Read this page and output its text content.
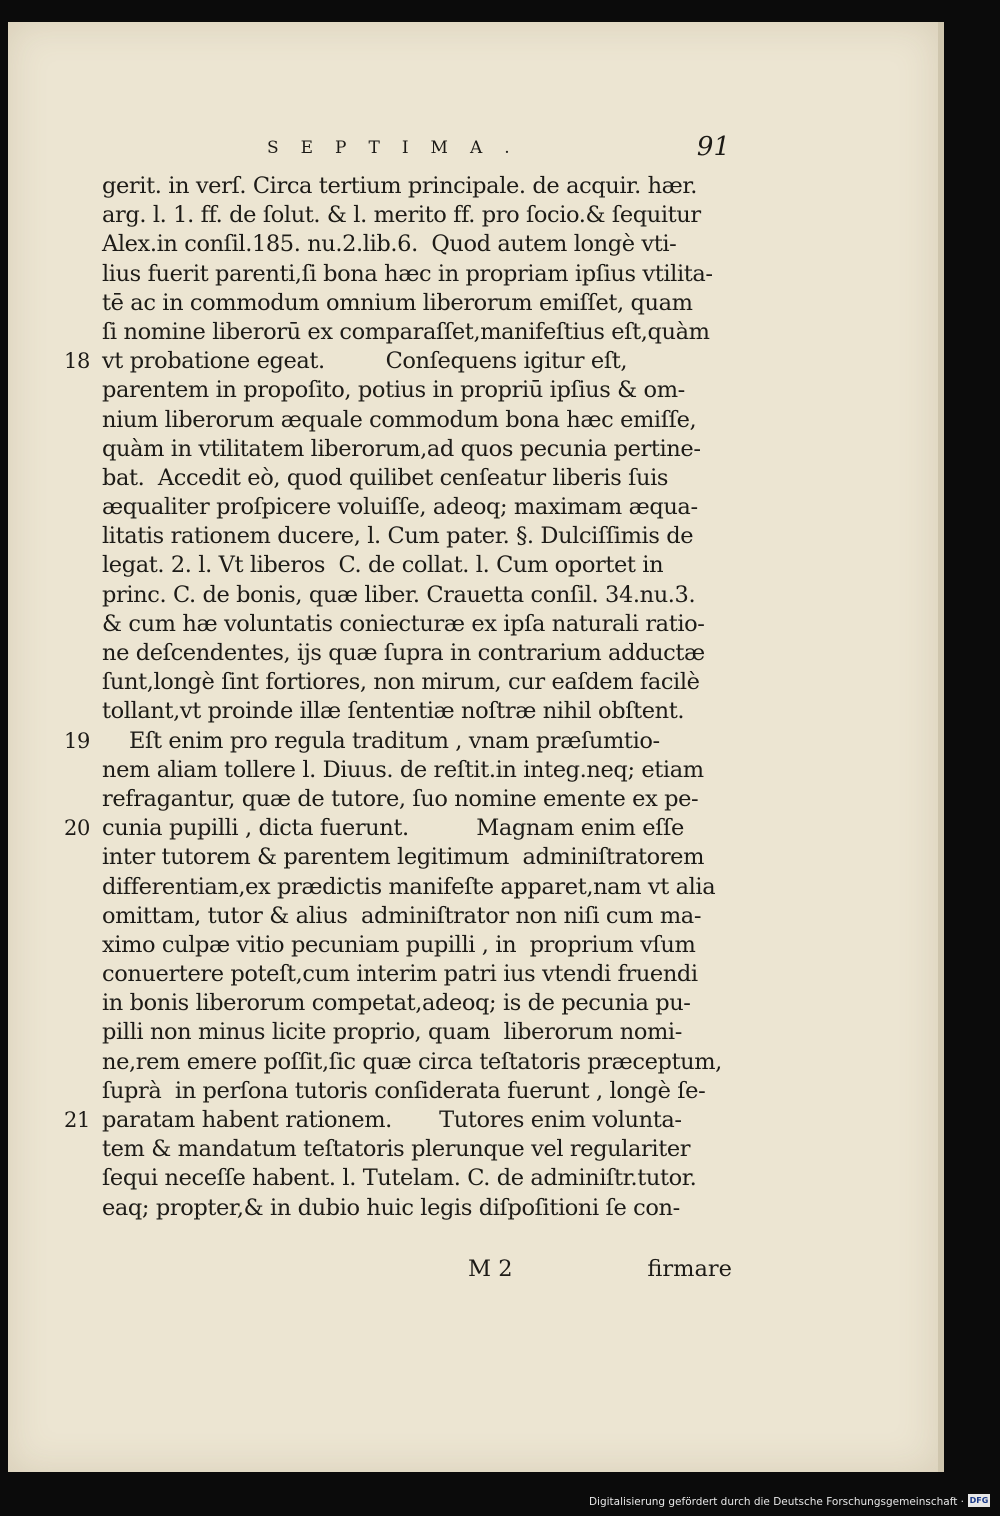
SEPTIMA.	91
gerit. in verſ. Circa tertium principale. de acquir. hær.
arg. l. 1. ff. de ſolut. & l. merito ff. pro ſocio.& ſequitur
Alex.in conſil.185. nu.2.lib.6.  Quod autem longè vti-
lius fuerit parenti,ſi bona hæc in propriam ipſius vtilita-
tē ac in commodum omnium liberorum emiſſet, quam
ſi nomine liberorū ex comparaſſet,manifeſtius eſt,quàm
18 vt probatione egeat.         Conſequens igitur eſt,
parentem in propoſito, potius in propriū ipſius & om-
nium liberorum æquale commodum bona hæc emiſſe,
quàm in vtilitatem liberorum,ad quos pecunia pertine-
bat.  Accedit eò, quod quilibet cenſeatur liberis ſuis
æqualiter proſpicere voluiſſe, adeoq; maximam æqua-
litatis rationem ducere, l. Cum pater. §. Dulciſſimis de
legat. 2. l. Vt liberos  C. de collat. l. Cum oportet in
princ. C. de bonis, quæ liber. Crauetta conſil. 34.nu.3.
& cum hæ voluntatis coniecturæ ex ipſa naturali ratio-
ne deſcendentes, ijs quæ ſupra in contrarium adductæ
ſunt,longè ſint fortiores, non mirum, cur eaſdem facilè
tollant,vt proinde illæ ſententiæ noſtræ nihil obſtent.
19 Eſt enim pro regula traditum , vnam præſumtio-
nem aliam tollere l. Diuus. de reſtit.in integ.neq; etiam
refragantur, quæ de tutore, ſuo nomine emente ex pe-
20 cunia pupilli , dicta fuerunt.          Magnam enim eſſe
inter tutorem & parentem legitimum  adminiſtratorem
differentiam,ex prædictis manifeſte apparet,nam vt alia
omittam, tutor & alius  adminiſtrator non niſi cum ma-
ximo culpæ vitio pecuniam pupilli , in  proprium vſum
conuertere poteſt,cum interim patri ius vtendi fruendi
in bonis liberorum competat,adeoq; is de pecunia pu-
pilli non minus licite proprio, quam  liberorum nomi-
ne,rem emere poſſit,ſic quæ circa teſtatoris præceptum,
ſuprà  in perſona tutoris conſiderata fuerunt , longè ſe-
21 paratam habent rationem.       Tutores enim volunta-
tem & mandatum teſtatoris plerunque vel regulariter
ſequi neceſſe habent. l. Tutelam. C. de adminiſtr.tutor.
eaq; propter,& in dubio huic legis diſpoſitioni ſe con-
M 2	firmare
Digitalisierung gefördert durch die Deutsche Forschungsgemeinschaft · DFG
